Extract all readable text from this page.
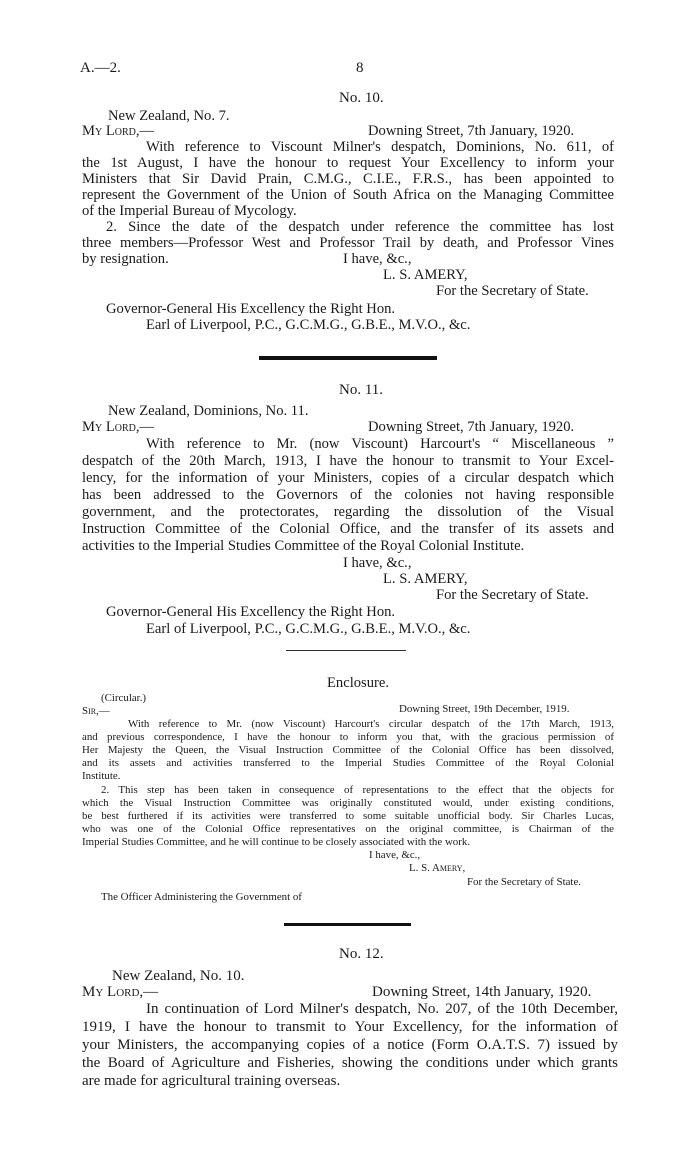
A.—2.	8
No. 10.
New Zealand, No. 7.
My Lord,—	Downing Street, 7th January, 1920.
With reference to Viscount Milner's despatch, Dominions, No. 611, of
the 1st August, I have the honour to request Your Excellency to inform your
Ministers that Sir David Prain, C.M.G., C.I.E., F.R.S., has been appointed to
represent the Government of the Union of South Africa on the Managing Committee
of the Imperial Bureau of Mycology.
2. Since the date of the despatch under reference the committee has lost
three members—Professor West and Professor Trail by death, and Professor Vines
by resignation.	I have, &c.,
L. S. AMERY,
For the Secretary of State.
Governor-General His Excellency the Right Hon.
Earl of Liverpool, P.C., G.C.M.G., G.B.E., M.V.O., &c.
No. 11.
New Zealand, Dominions, No. 11.
My Lord,—	Downing Street, 7th January, 1920.
With reference to Mr. (now Viscount) Harcourt's “ Miscellaneous ”
despatch of the 20th March, 1913, I have the honour to transmit to Your Excel-
lency, for the information of your Ministers, copies of a circular despatch which
has been addressed to the Governors of the colonies not having responsible
government, and the protectorates, regarding the dissolution of the Visual
Instruction Committee of the Colonial Office, and the transfer of its assets and
activities to the Imperial Studies Committee of the Royal Colonial Institute.
I have, &c.,
L. S. AMERY,
For the Secretary of State.
Governor-General His Excellency the Right Hon.
Earl of Liverpool, P.C., G.C.M.G., G.B.E., M.V.O., &c.
Enclosure.
(Circular.)
Sir,—	Downing Street, 19th December, 1919.
With reference to Mr. (now Viscount) Harcourt's circular despatch of the 17th March, 1913,
and previous correspondence, I have the honour to inform you that, with the gracious permission of
Her Majesty the Queen, the Visual Instruction Committee of the Colonial Office has been dissolved,
and its assets and activities transferred to the Imperial Studies Committee of the Royal Colonial
Institute.
2. This step has been taken in consequence of representations to the effect that the objects for
which the Visual Instruction Committee was originally constituted would, under existing conditions,
be best furthered if its activities were transferred to some suitable unofficial body. Sir Charles Lucas,
who was one of the Colonial Office representatives on the original committee, is Chairman of the
Imperial Studies Committee, and he will continue to be closely associated with the work.
I have, &c.,
L. S. Amery,
For the Secretary of State.
The Officer Administering the Government of
No. 12.
New Zealand, No. 10.
My Lord,—	Downing Street, 14th January, 1920.
In continuation of Lord Milner's despatch, No. 207, of the 10th December,
1919, I have the honour to transmit to Your Excellency, for the information of
your Ministers, the accompanying copies of a notice (Form O.A.T.S. 7) issued by
the Board of Agriculture and Fisheries, showing the conditions under which grants
are made for agricultural training overseas.
